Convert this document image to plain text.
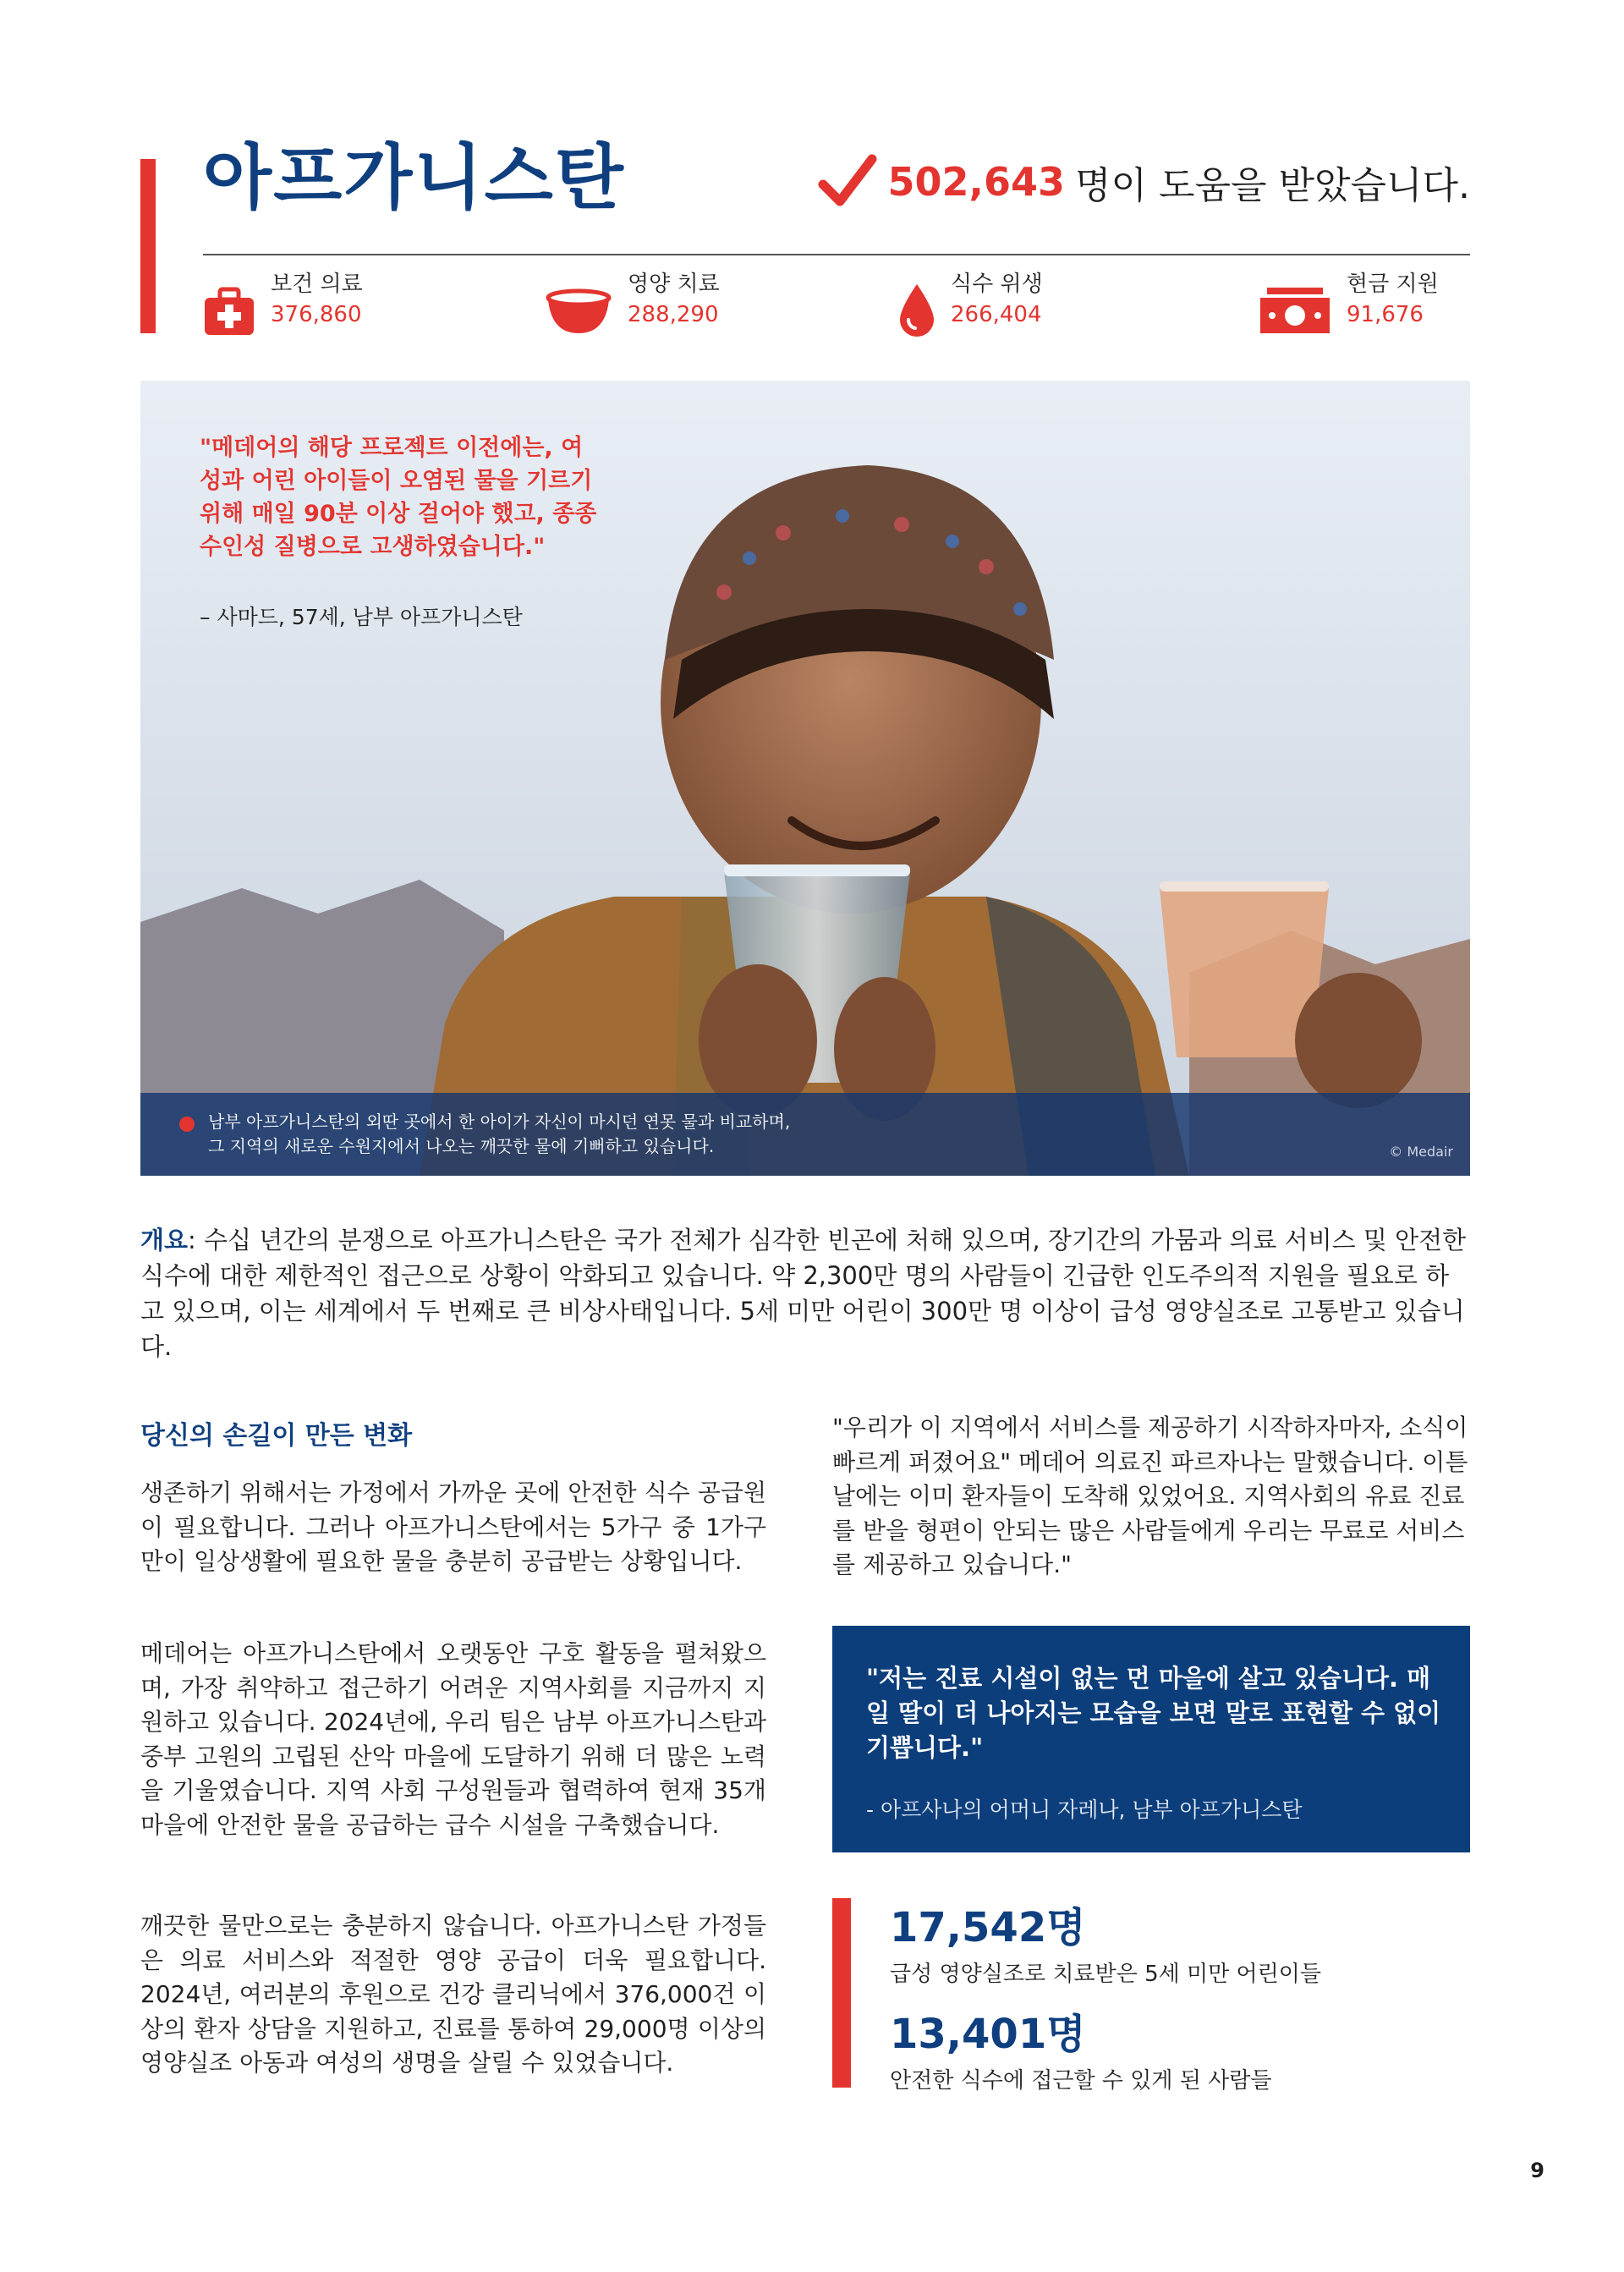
아프가니스탄	502,643 명이 도움을 받았습니다.
보건 의료
376,860
영양 치료
288,290
식수 위생
266,404
현금 지원
91,676
"메데어의 해당 프로젝트 이전에는, 여성과 어린 아이들이 오염된 물을 기르기 위해 매일 90분 이상 걸어야 했고, 종종 수인성 질병으로 고생하였습니다."
– 사마드, 57세, 남부 아프가니스탄
남부 아프가니스탄의 외딴 곳에서 한 아이가 자신이 마시던 연못 물과 비교하며,
그 지역의 새로운 수원지에서 나오는 깨끗한 물에 기뻐하고 있습니다.	© Medair
개요: 수십 년간의 분쟁으로 아프가니스탄은 국가 전체가 심각한 빈곤에 처해 있으며, 장기간의 가뭄과 의료 서비스 및 안전한 식수에 대한 제한적인 접근으로 상황이 악화되고 있습니다. 약 2,300만 명의 사람들이 긴급한 인도주의적 지원을 필요로 하고 있으며, 이는 세계에서 두 번째로 큰 비상사태입니다. 5세 미만 어린이 300만 명 이상이 급성 영양실조로 고통받고 있습니다.
당신의 손길이 만든 변화
생존하기 위해서는 가정에서 가까운 곳에 안전한 식수 공급원이 필요합니다. 그러나 아프가니스탄에서는 5가구 중 1가구만이 일상생활에 필요한 물을 충분히 공급받는 상황입니다.
메데어는 아프가니스탄에서 오랫동안 구호 활동을 펼쳐왔으며, 가장 취약하고 접근하기 어려운 지역사회를 지금까지 지원하고 있습니다. 2024년에, 우리 팀은 남부 아프가니스탄과 중부 고원의 고립된 산악 마을에 도달하기 위해 더 많은 노력을 기울였습니다. 지역 사회 구성원들과 협력하여 현재 35개 마을에 안전한 물을 공급하는 급수 시설을 구축했습니다.
깨끗한 물만으로는 충분하지 않습니다. 아프가니스탄 가정들은 의료 서비스와 적절한 영양 공급이 더욱 필요합니다. 2024년, 여러분의 후원으로 건강 클리닉에서 376,000건 이상의 환자 상담을 지원하고, 진료를 통하여 29,000명 이상의 영양실조 아동과 여성의 생명을 살릴 수 있었습니다.
"우리가 이 지역에서 서비스를 제공하기 시작하자마자, 소식이 빠르게 퍼졌어요" 메데어 의료진 파르자나는 말했습니다. 이튿날에는 이미 환자들이 도착해 있었어요. 지역사회의 유료 진료를 받을 형편이 안되는 많은 사람들에게 우리는 무료로 서비스를 제공하고 있습니다."
"저는 진료 시설이 없는 먼 마을에 살고 있습니다. 매일 딸이 더 나아지는 모습을 보면 말로 표현할 수 없이 기쁩니다."
- 아프사나의 어머니 자레나, 남부 아프가니스탄
17,542명
급성 영양실조로 치료받은 5세 미만 어린이들
13,401명
안전한 식수에 접근할 수 있게 된 사람들
9
